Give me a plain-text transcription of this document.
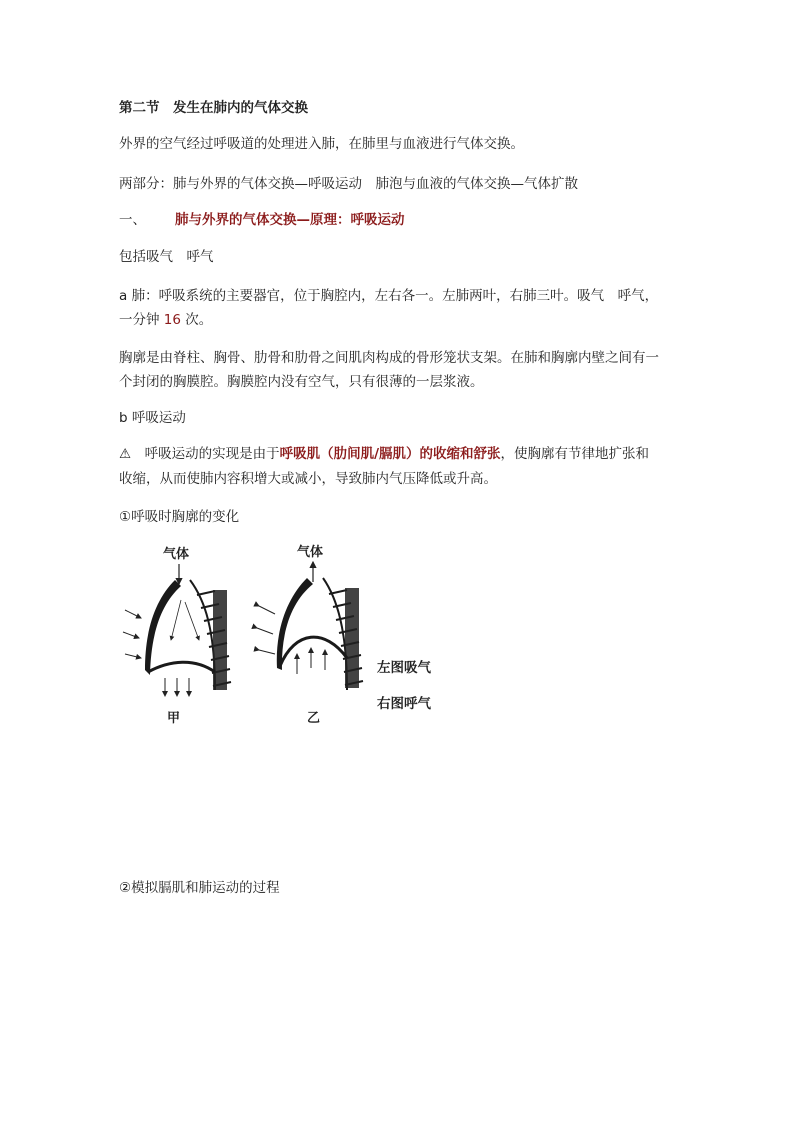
第二节　发生在肺内的气体交换
外界的空气经过呼吸道的处理进入肺，在肺里与血液进行气体交换。
两部分：肺与外界的气体交换—呼吸运动　肺泡与血液的气体交换—气体扩散
一、 肺与外界的气体交换—原理：呼吸运动
包括吸气　呼气
a 肺：呼吸系统的主要器官，位于胸腔内，左右各一。左肺两叶，右肺三叶。吸气　呼气，
一分钟 16 次。
胸廓是由脊柱、胸骨、肋骨和肋骨之间肌肉构成的骨形笼状支架。在肺和胸廓内壁之间有一
个封闭的胸膜腔。胸膜腔内没有空气，只有很薄的一层浆液。
b 呼吸运动
⚠　呼吸运动的实现是由于呼吸肌（肋间肌/膈肌）的收缩和舒张，使胸廓有节律地扩张和
收缩，从而使肺内容积增大或减小，导致肺内气压降低或升高。
①呼吸时胸廓的变化
气体
甲
气体
乙
左图吸气
右图呼气
②模拟膈肌和肺运动的过程
